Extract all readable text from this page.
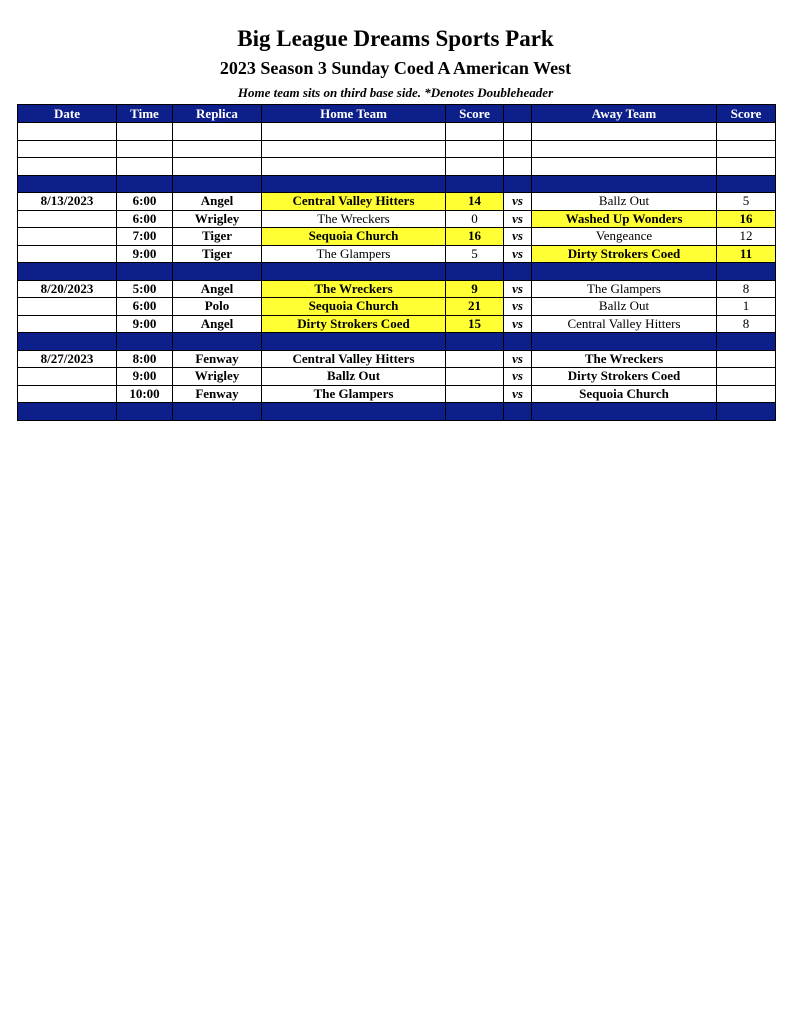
Big League Dreams Sports Park
2023 Season 3 Sunday Coed A American West
Home team sits on third base side. *Denotes Doubleheader
Date	Time	Replica	Home Team	Score		Away Team	Score

8/13/2023	6:00	Angel	Central Valley Hitters	14	vs	Ballz Out	5
	6:00	Wrigley	The Wreckers	0	vs	Washed Up Wonders	16
	7:00	Tiger	Sequoia Church	16	vs	Vengeance	12
	9:00	Tiger	The Glampers	5	vs	Dirty Strokers Coed	11

8/20/2023	5:00	Angel	The Wreckers	9	vs	The Glampers	8
	6:00	Polo	Sequoia Church	21	vs	Ballz Out	1
	9:00	Angel	Dirty Strokers Coed	15	vs	Central Valley Hitters	8

8/27/2023	8:00	Fenway	Central Valley Hitters		vs	The Wreckers	
	9:00	Wrigley	Ballz Out		vs	Dirty Strokers Coed	
	10:00	Fenway	The Glampers		vs	Sequoia Church	
